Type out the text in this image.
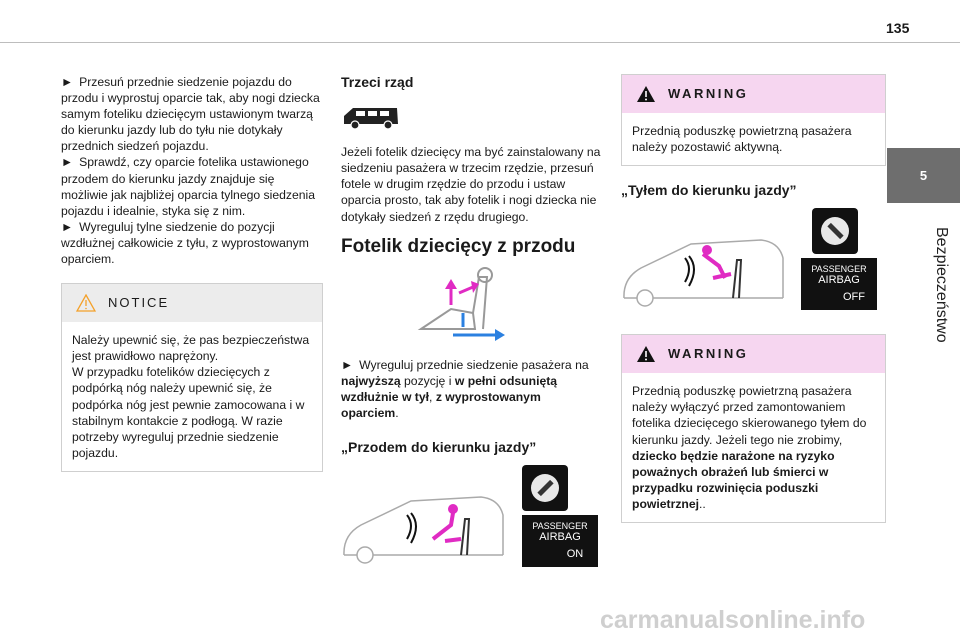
135
5
Bezpieczeństwo

► Przesuń przednie siedzenie pojazdu do przodu i wyprostuj oparcie tak, aby nogi dziecka samym foteliku dziecięcym ustawionym twarzą do kierunku jazdy lub do tyłu nie dotykały przednich siedzeń pojazdu.

► Sprawdź, czy oparcie fotelika ustawionego przodem do kierunku jazdy znajduje się możliwie jak najbliżej oparcia tylnego siedzenia pojazdu i idealnie, styka się z nim.

► Wyreguluj tylne siedzenie do pozycji wzdłużnej całkowicie z tyłu, z wyprostowanym oparciem.

NOTICE
Należy upewnić się, że pas bezpieczeństwa jest prawidłowo naprężony.
W przypadku fotelików dziecięcych z podpórką nóg należy upewnić się, że podpórka nóg jest pewnie zamocowana i w stabilnym kontakcie z podłogą. W razie potrzeby wyreguluj przednie siedzenie pojazdu.
Trzeci rząd

Jeżeli fotelik dziecięcy ma być zainstalowany na siedzeniu pasażera w trzecim rzędzie, przesuń fotele w drugim rzędzie do przodu i ustaw oparcia prosto, tak aby fotelik i nogi dziecka nie dotykały siedzeń z rzędu drugiego.

Fotelik dziecięcy z przodu

► Wyreguluj przednie siedzenie pasażera na najwyższą pozycję i w pełni odsuniętą wzdłużnie w tył, z wyprostowanym oparciem.

„Przodem do kierunku jazdy”
PASSENGER
AIRBAG
ON
WARNING
Przednią poduszkę powietrzną pasażera należy pozostawić aktywną.
„Tyłem do kierunku jazdy”
PASSENGER
AIRBAG
OFF
WARNING
Przednią poduszkę powietrzną pasażera należy wyłączyć przed zamontowaniem fotelika dziecięcego skierowanego tyłem do kierunku jazdy. Jeżeli tego nie zrobimy, dziecko będzie narażone na ryzyko poważnych obrażeń lub śmierci w przypadku rozwinięcia poduszki powietrznej..
carmanualsonline.info
